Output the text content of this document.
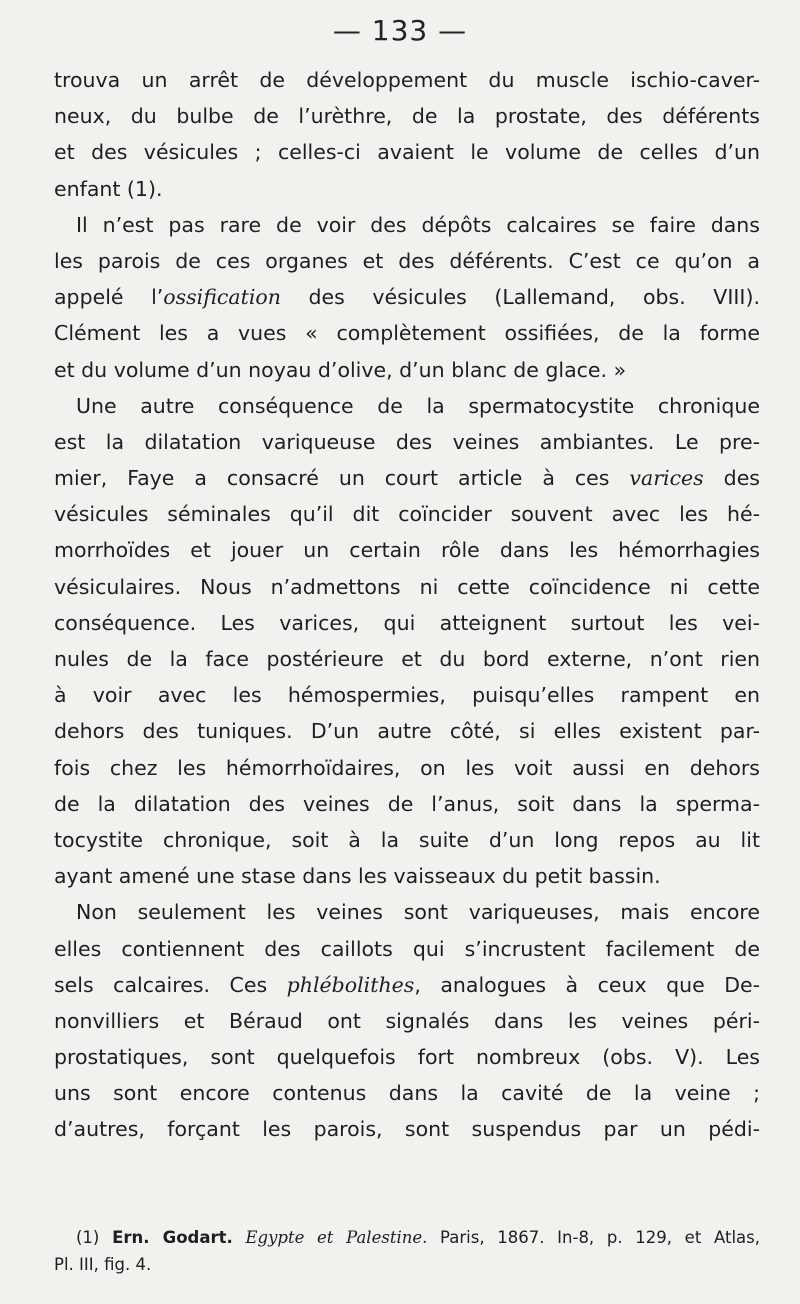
— 133 —
trouva un arrêt de développement du muscle ischio-caver-
neux, du bulbe de l’urèthre, de la prostate, des déférents
et des vésicules ; celles-ci avaient le volume de celles d’un
enfant (1).
Il n’est pas rare de voir des dépôts calcaires se faire dans
les parois de ces organes et des déférents. C’est ce qu’on a
appelé l’ossification des vésicules (Lallemand, obs. VIII).
Clément les a vues « complètement ossifiées, de la forme
et du volume d’un noyau d’olive, d’un blanc de glace. »
Une autre conséquence de la spermatocystite chronique
est la dilatation variqueuse des veines ambiantes. Le pre-
mier, Faye a consacré un court article à ces varices des
vésicules séminales qu’il dit coïncider souvent avec les hé-
morrhoïdes et jouer un certain rôle dans les hémorrhagies
vésiculaires. Nous n’admettons ni cette coïncidence ni cette
conséquence. Les varices, qui atteignent surtout les vei-
nules de la face postérieure et du bord externe, n’ont rien
à voir avec les hémospermies, puisqu’elles rampent en
dehors des tuniques. D’un autre côté, si elles existent par-
fois chez les hémorrhoïdaires, on les voit aussi en dehors
de la dilatation des veines de l’anus, soit dans la sperma-
tocystite chronique, soit à la suite d’un long repos au lit
ayant amené une stase dans les vaisseaux du petit bassin.
Non seulement les veines sont variqueuses, mais encore
elles contiennent des caillots qui s’incrustent facilement de
sels calcaires. Ces phlébolithes, analogues à ceux que De-
nonvilliers et Béraud ont signalés dans les veines péri-
prostatiques, sont quelquefois fort nombreux (obs. V). Les
uns sont encore contenus dans la cavité de la veine ;
d’autres, forçant les parois, sont suspendus par un pédi-
(1) Ern. Godart. Egypte et Palestine. Paris, 1867. In-8, p. 129, et Atlas,
Pl. III, fig. 4.
